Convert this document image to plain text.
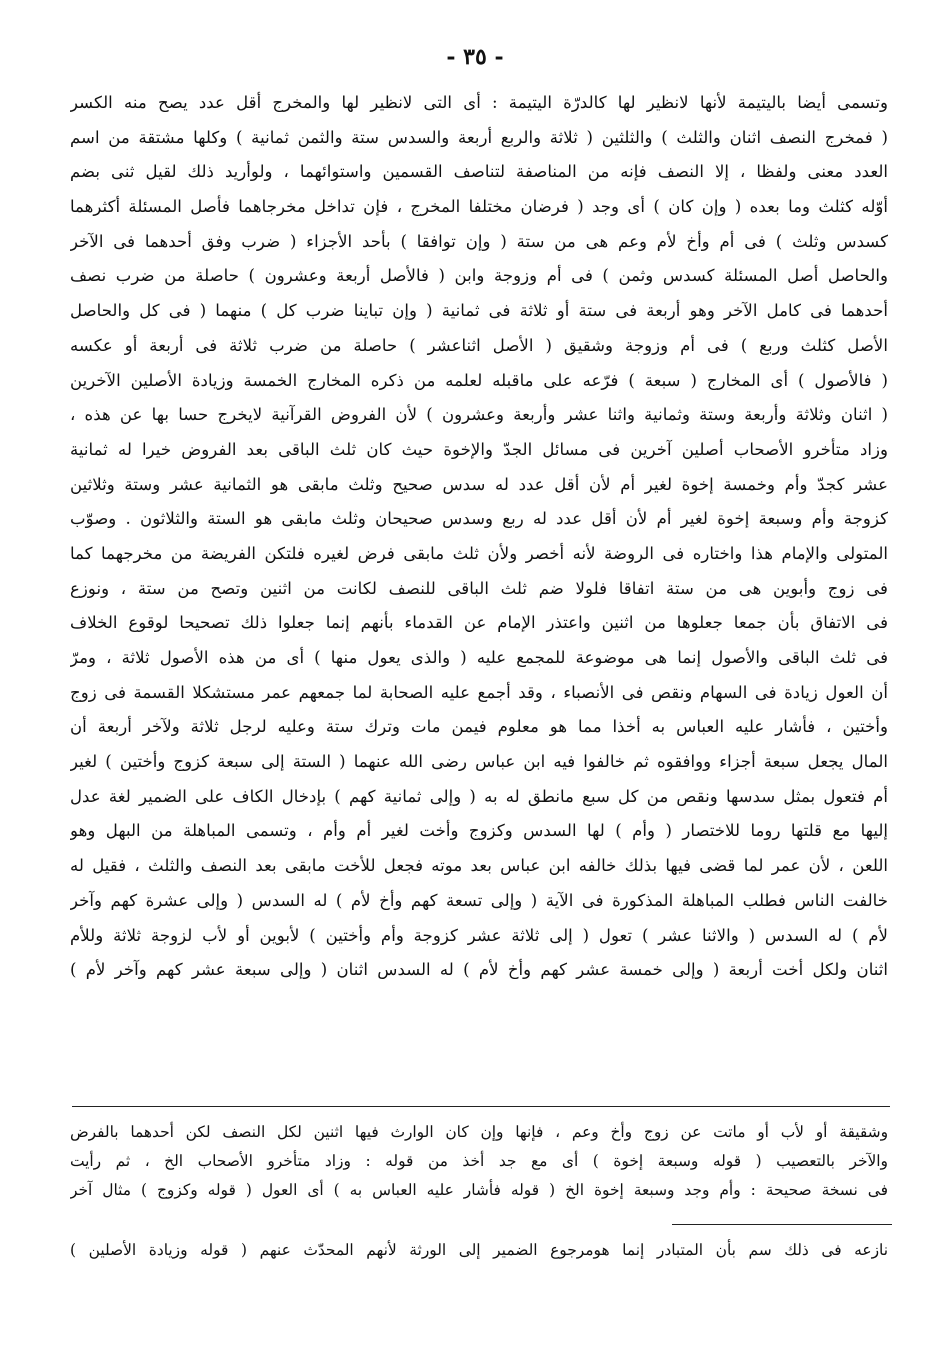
- ٣٥ -
وتسمى أيضا باليتيمة لأنها لانظير لها كالدرّة اليتيمة : أى التى لانظير لها والمخرج أقل عدد يصح منه الكسر
( فمخرج النصف اثنان والثلث ) والثلثين ( ثلاثة والربع أربعة والسدس ستة والثمن ثمانية ) وكلها مشتقة من اسم
العدد معنى ولفظا ، إلا النصف فإنه من المناصفة لتناصف القسمين واستوائهما ، ولوأريد ذلك لقيل ثنى بضم
أوّله كثلث وما بعده ( وإن كان ) أى وجد ( فرضان مختلفا المخرج ، فإن تداخل مخرجاهما فأصل المسئلة أكثرهما
كسدس وثلث ) فى أم وأخ لأم وعم هى من ستة ( وإن توافقا ) بأحد الأجزاء ( ضرب وفق أحدهما فى الآخر
والحاصل أصل المسئلة كسدس وثمن ) فى أم وزوجة وابن ( فالأصل أربعة وعشرون ) حاصلة من ضرب نصف
أحدهما فى كامل الآخر وهو أربعة فى ستة أو ثلاثة فى ثمانية ( وإن تباينا ضرب كل ) منهما ( فى كل والحاصل
الأصل كثلث وربع ) فى أم وزوجة وشقيق ( الأصل اثناعشر ) حاصلة من ضرب ثلاثة فى أربعة أو عكسه
( فالأصول ) أى المخارج ( سبعة ) فرّعه على ماقبله لعلمه من ذكره المخارج الخمسة وزيادة الأصلين الآخرين
( اثنان وثلاثة وأربعة وستة وثمانية واثنا عشر وأربعة وعشرون ) لأن الفروض القرآنية لايخرج حسا بها عن هذه ،
وزاد متأخرو الأصحاب أصلين آخرين فى مسائل الجدّ والإخوة حيث كان ثلث الباقى بعد الفروض خيرا له ثمانية
عشر كجدّ وأم وخمسة إخوة لغير أم لأن أقل عدد له سدس صحيح وثلث مابقى هو الثمانية عشر وستة وثلاثين
كزوجة وأم وسبعة إخوة لغير أم لأن أقل عدد له ربع وسدس صحيحان وثلث مابقى هو الستة والثلاثون . وصوّب
المتولى والإمام هذا واختاره فى الروضة لأنه أخصر ولأن ثلث مابقى فرض لغيره فلتكن الفريضة من مخرجهما كما
فى زوج وأبوين هى من ستة اتفاقا فلولا ضم ثلث الباقى للنصف لكانت من اثنين وتصح من ستة ، ونوزع
فى الاتفاق بأن جمعا جعلوها من اثنين واعتذر الإمام عن القدماء بأنهم إنما جعلوا ذلك تصحيحا لوقوع الخلاف
فى ثلث الباقى والأصول إنما هى موضوعة للمجمع عليه ( والذى يعول منها ) أى من هذه الأصول ثلاثة ، ومرّ
أن العول زيادة فى السهام ونقص فى الأنصباء ، وقد أجمع عليه الصحابة لما جمعهم عمر مستشكلا القسمة فى زوج
وأختين ، فأشار عليه العباس به أخذا مما هو معلوم فيمن مات وترك ستة وعليه لرجل ثلاثة ولآخر أربعة أن
المال يجعل سبعة أجزاء ووافقوه ثم خالفوا فيه ابن عباس رضى الله عنهما ( الستة إلى سبعة كزوج وأختين ) لغير
أم فتعول بمثل سدسها ونقص من كل سبع مانطق له به ( وإلى ثمانية كهم ) بإدخال الكاف على الضمير لغة عدل
إليها مع قلتها روما للاختصار ( وأم ) لها السدس وكزوج وأخت لغير أم وأم ، وتسمى المباهلة من البهل وهو
اللعن ، لأن عمر لما قضى فيها بذلك خالفه ابن عباس بعد موته فجعل للأخت مابقى بعد النصف والثلث ، فقيل له
خالفت الناس فطلب المباهلة المذكورة فى الآية ( وإلى تسعة كهم وأخ لأم ) له السدس ( وإلى عشرة كهم وآخر
لأم ) له السدس ( والاثنا عشر ) تعول ( إلى ثلاثة عشر كزوجة وأم وأختين ) لأبوين أو لأب لزوجة ثلاثة وللأم
اثنان ولكل أخت أربعة ( وإلى خمسة عشر كهم وأخ لأم ) له السدس اثنان ( وإلى سبعة عشر كهم وآخر لأم )
وشقيقة أو لأب أو ماتت عن زوج وأخ وعم ، فإنها وإن كان الوارث فيها اثنين لكل النصف لكن أحدهما بالفرض
والآخر بالتعصيب ( قوله وسبعة إخوة ) أى مع جد أخذ من قوله : وزاد متأخرو الأصحاب الخ ، ثم رأيت
فى نسخة صحيحة : وأم وجد وسبعة إخوة الخ ( قوله فأشار عليه العباس به ) أى العول ( قوله وكزوج ) مثال آخر
نازعه فى ذلك سم بأن المتبادر إنما هومرجوع الضمير إلى الورثة لأنهم المحدّث عنهم ( قوله وزيادة الأصلين )
